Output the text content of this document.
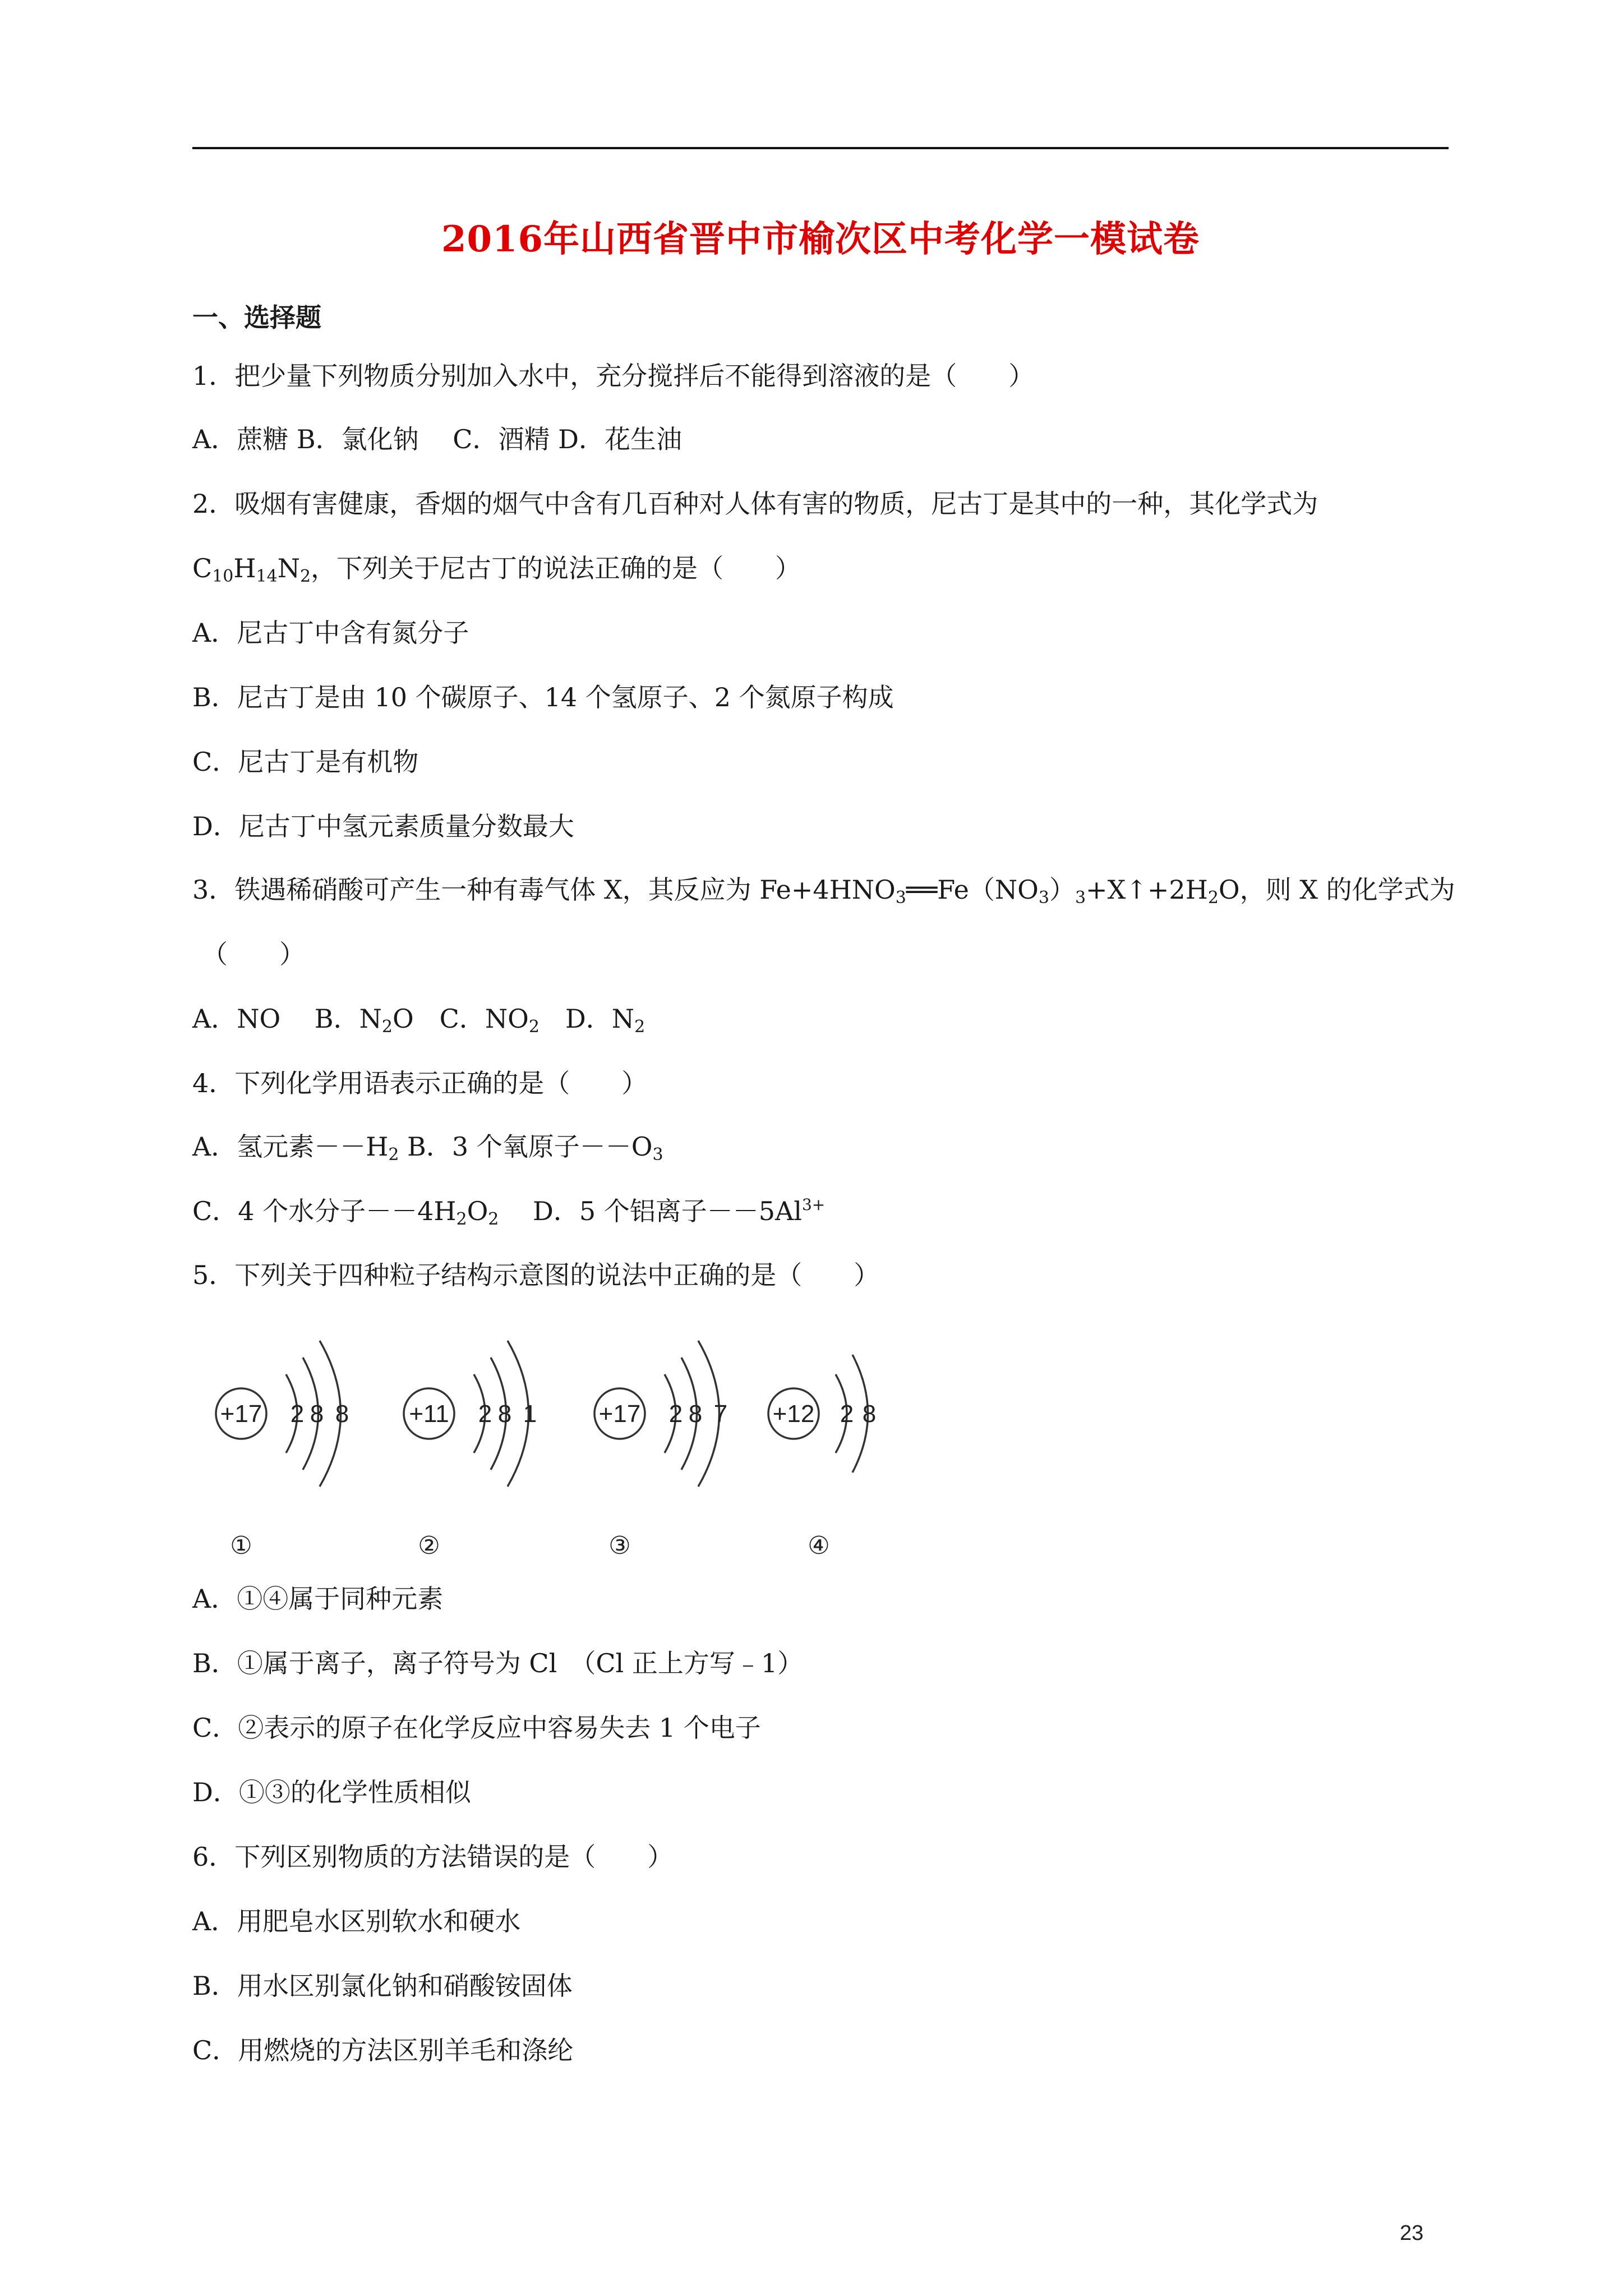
2016年山西省晋中市榆次区中考化学一模试卷
一、选择题
1．把少量下列物质分别加入水中，充分搅拌后不能得到溶液的是（　　）
A．蔗糖 B．氯化钠　 C．酒精 D．花生油
2．吸烟有害健康，香烟的烟气中含有几百种对人体有害的物质，尼古丁是其中的一种，其化学式为
$C_{10}H_{14}N_2$，下列关于尼古丁的说法正确的是（　　）
A．尼古丁中含有氮分子
B．尼古丁是由 10 个碳原子、14 个氢原子、2 个氮原子构成
C．尼古丁是有机物
D．尼古丁中氢元素质量分数最大
3．铁遇稀硝酸可产生一种有毒气体 X，其反应为 $Fe+4HNO_3══Fe(NO_3)_3+X↑+2H_2O$，则 X 的化学式为
（　　）
A．NO　 B．$N_2O$　C．$NO_2$　D．$N_2$
4．下列化学用语表示正确的是（　　）
A．氢元素$--H_2$ B．3 个氧原子$--O_3$
C．4 个水分子$--4H_2O_2$　 D．5 个铝离子$--5Al^{3+}$
5．下列关于四种粒子结构示意图的说法中正确的是（　　）
+17 2 8 8
①
+11 2 8 1
②
+17 2 8 7
③
+12 2 8
④
A．①④属于同种元素
B．①属于离子，离子符号为 Cl　（Cl 正上方写﹣1）
C．②表示的原子在化学反应中容易失去 1 个电子
D．①③的化学性质相似
6．下列区别物质的方法错误的是（　　）
A．用肥皂水区别软水和硬水
B．用水区别氯化钠和硝酸铵固体
C．用燃烧的方法区别羊毛和涤纶
23
